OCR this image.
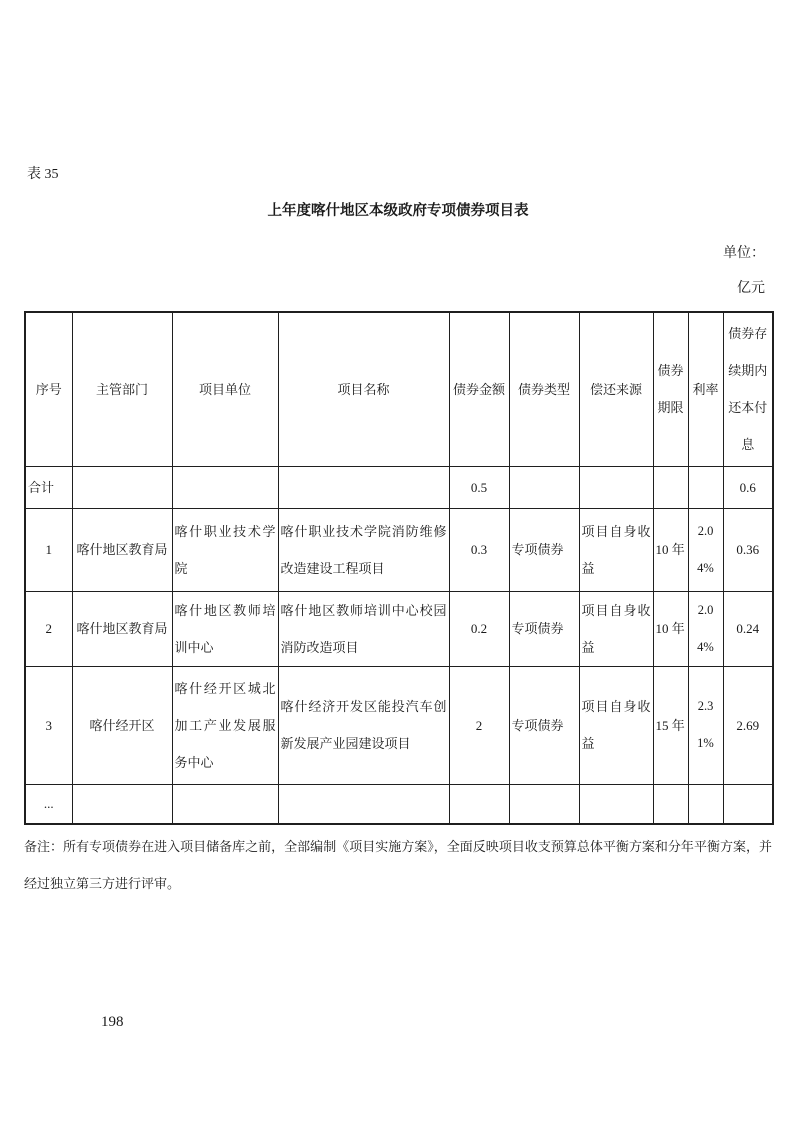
表 35
上年度喀什地区本级政府专项债券项目表
单位：
亿元
序号	主管部门	项目单位	项目名称	债券金额	债券类型	偿还来源	债券期限	利率	债券存续期内还本付息
合计				0.5					0.6
1	喀什地区教育局	喀什职业技术学院	喀什职业技术学院消防维修改造建设工程项目	0.3	专项债券	项目自身收益	10 年	2.04%	0.36
2	喀什地区教育局	喀什地区教师培训中心	喀什地区教师培训中心校园消防改造项目	0.2	专项债券	项目自身收益	10 年	2.04%	0.24
3	喀什经开区	喀什经开区城北加工产业发展服务中心	喀什经济开发区能投汽车创新发展产业园建设项目	2	专项债券	项目自身收益	15 年	2.31%	2.69
...									

备注：所有专项债券在进入项目储备库之前，全部编制《项目实施方案》，全面反映项目收支预算总体平衡方案和分年平衡方案，并经过独立第三方进行评审。

198
